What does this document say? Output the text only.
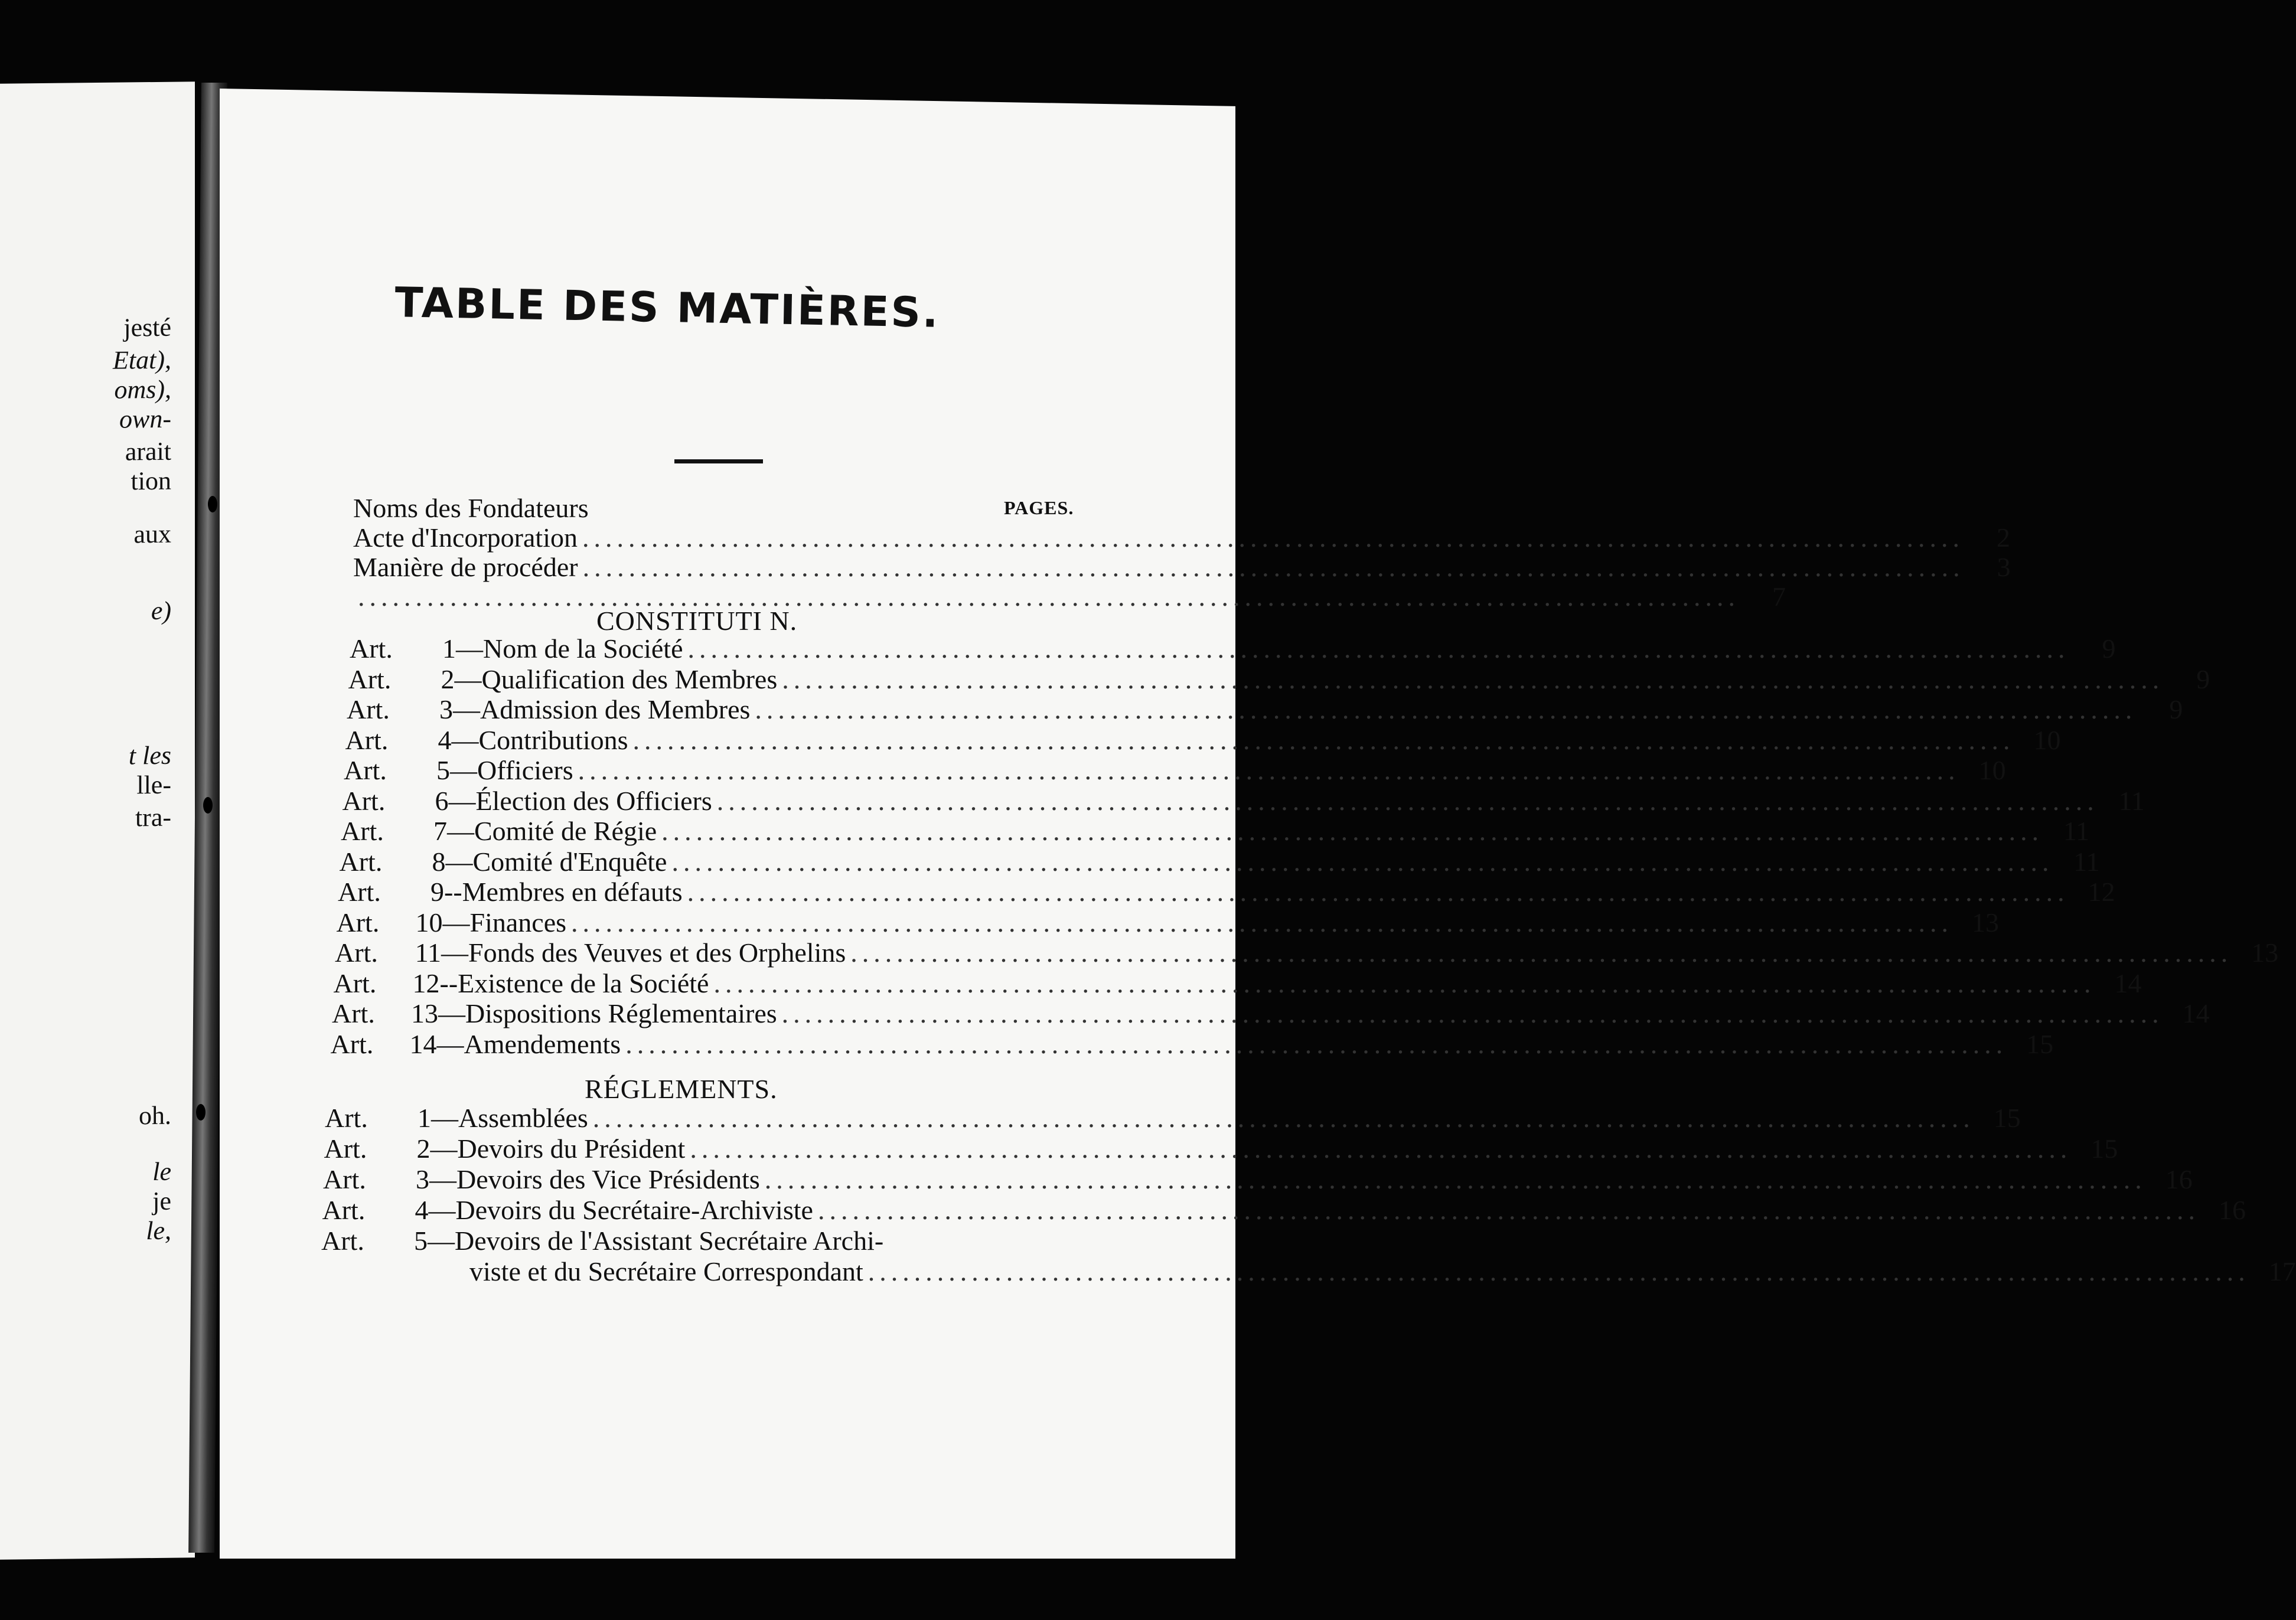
jesté
Etat),
oms),
own-
arait
tion
aux
e)
t les
lle-
tra-
oh.
le
je
le,
TABLE DES MATIÈRES.
PAGES.
Noms des Fondateurs
Acte d'Incorporation ........................................................................................................................	2
Manière de procéder ........................................................................................................................	3
........................................................................................................................	7
CONSTITUTI N.
Art.	1 —Nom de la Société ........................................................................................................................	9
Art.	2 —Qualification des Membres ........................................................................................................................	9
Art.	3 —Admission des Membres ........................................................................................................................	9
Art.	4 —Contributions ........................................................................................................................ 10
Art.	5 —Officiers ........................................................................................................................ 10
Art.	6 —Élection des Officiers ........................................................................................................................ 11
Art.	7 —Comité de Régie ........................................................................................................................ 11
Art.	8 —Comité d'Enquête ........................................................................................................................ 11
Art.	9 --Membres en défauts ........................................................................................................................ 12
Art.	10 —Finances ........................................................................................................................ 13
Art.	11 —Fonds des Veuves et des Orphelins ........................................................................................................................ 13
Art.	12 --Existence de la Société ........................................................................................................................ 14
Art.	13 —Dispositions Réglementaires ........................................................................................................................ 14
Art.	14 —Amendements ........................................................................................................................ 15
RÉGLEMENTS.
Art.	1 —Assemblées ........................................................................................................................ 15
Art.	2 —Devoirs du Président ........................................................................................................................ 15
Art.	3 —Devoirs des Vice Présidents ........................................................................................................................ 16
Art.	4 —Devoirs du Secrétaire-Archiviste ........................................................................................................................ 16
Art.	5 —Devoirs de l'Assistant Secrétaire Archi-
viste et du Secrétaire Correspondant ........................................................................................................................ 17
